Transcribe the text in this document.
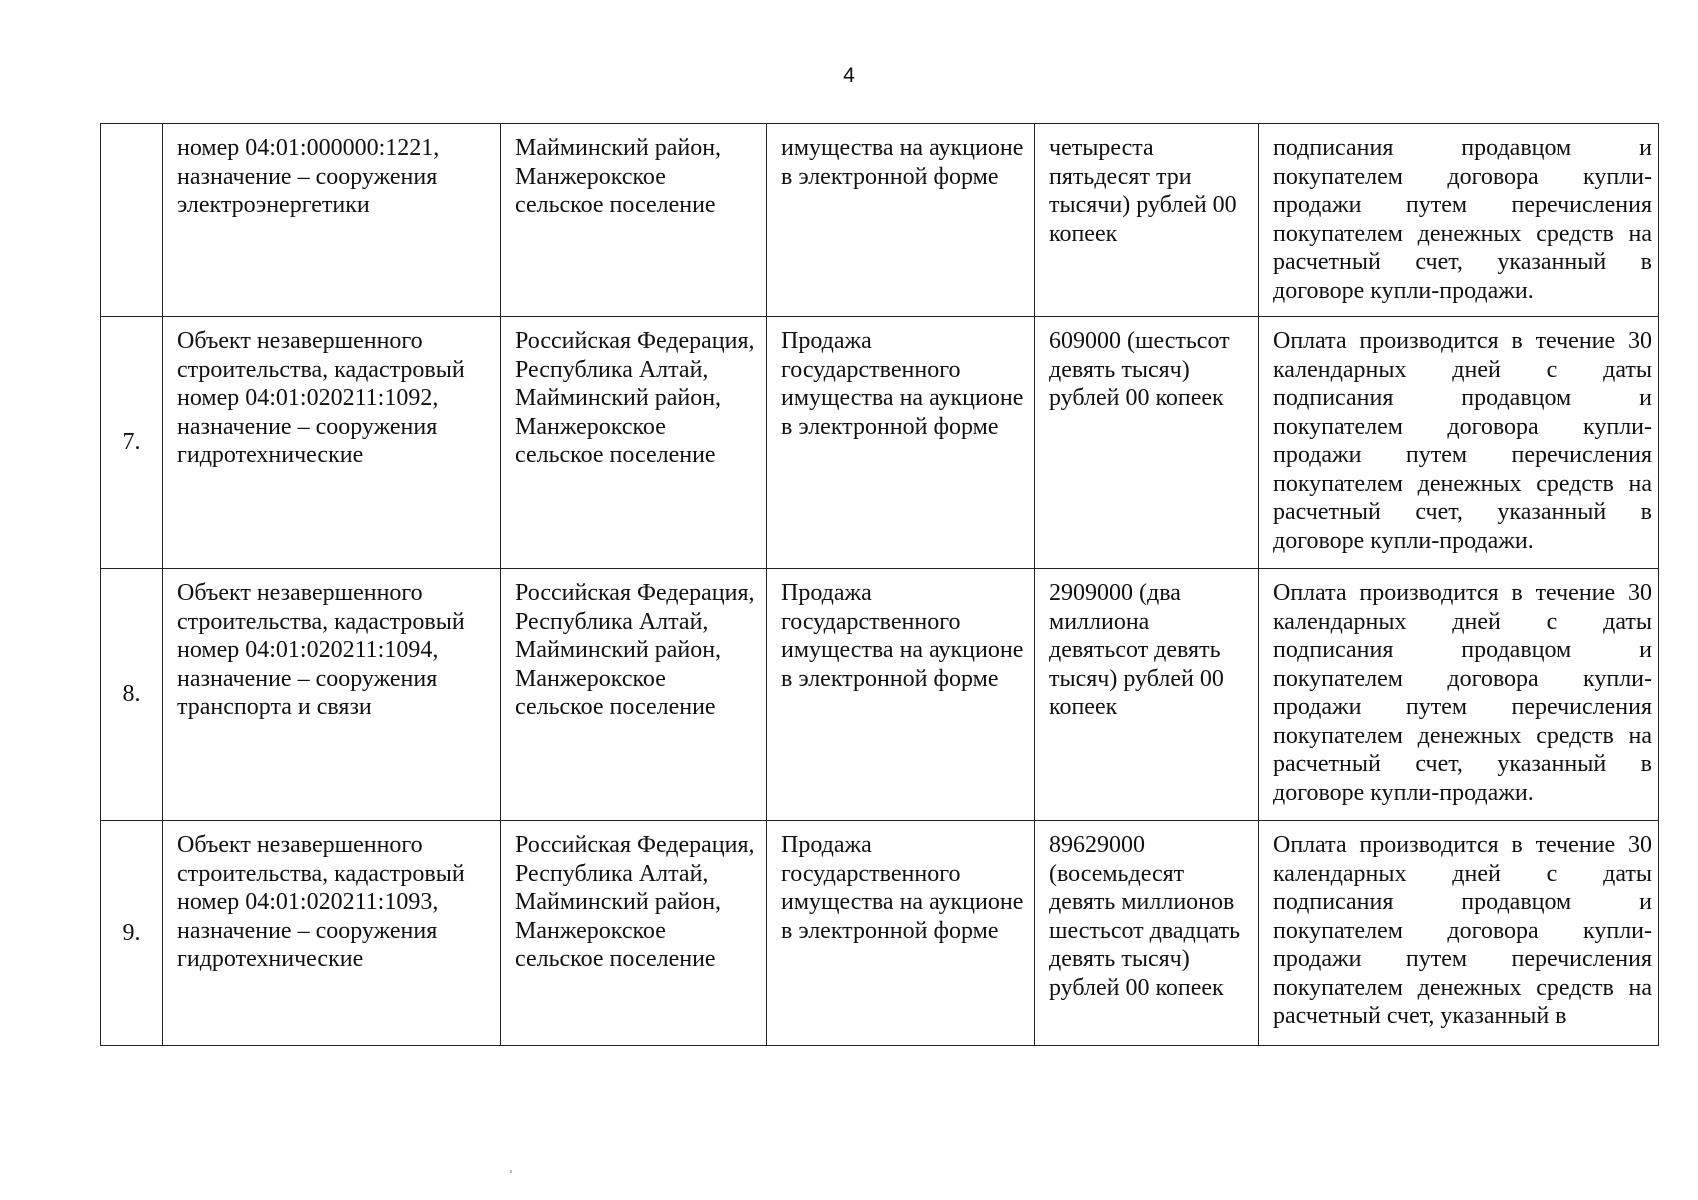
4
	номер 04:01:000000:1221, назначение – сооружения электроэнергетики	Майминский район, Манжерокское сельское поселение	имущества на аукционе в электронной форме	четыреста пятьдесят три тысячи) рублей 00 копеек	подписания продавцом и покупателем договора купли-продажи путем перечисления покупателем денежных средств на расчетный счет, указанный в договоре купли-продажи.
7.	Объект незавершенного строительства, кадастровый номер 04:01:020211:1092, назначение – сооружения гидротехнические	Российская Федерация, Республика Алтай, Майминский район, Манжерокское сельское поселение	Продажа государственного имущества на аукционе в электронной форме	609000 (шестьсот девять тысяч) рублей 00 копеек	Оплата производится в течение 30 календарных дней с даты подписания продавцом и покупателем договора купли-продажи путем перечисления покупателем денежных средств на расчетный счет, указанный в договоре купли-продажи.
8.	Объект незавершенного строительства, кадастровый номер 04:01:020211:1094, назначение – сооружения транспорта и связи	Российская Федерация, Республика Алтай, Майминский район, Манжерокское сельское поселение	Продажа государственного имущества на аукционе в электронной форме	2909000 (два миллиона девятьсот девять тысяч) рублей 00 копеек	Оплата производится в течение 30 календарных дней с даты подписания продавцом и покупателем договора купли-продажи путем перечисления покупателем денежных средств на расчетный счет, указанный в договоре купли-продажи.
9.	Объект незавершенного строительства, кадастровый номер 04:01:020211:1093, назначение – сооружения гидротехнические	Российская Федерация, Республика Алтай, Майминский район, Манжерокское сельское поселение	Продажа государственного имущества на аукционе в электронной форме	89629000 (восемьдесят девять миллионов шестьсот двадцать девять тысяч) рублей 00 копеек	Оплата производится в течение 30 календарных дней с даты подписания продавцом и покупателем договора купли-продажи путем перечисления покупателем денежных средств на расчетный счет, указанный в
